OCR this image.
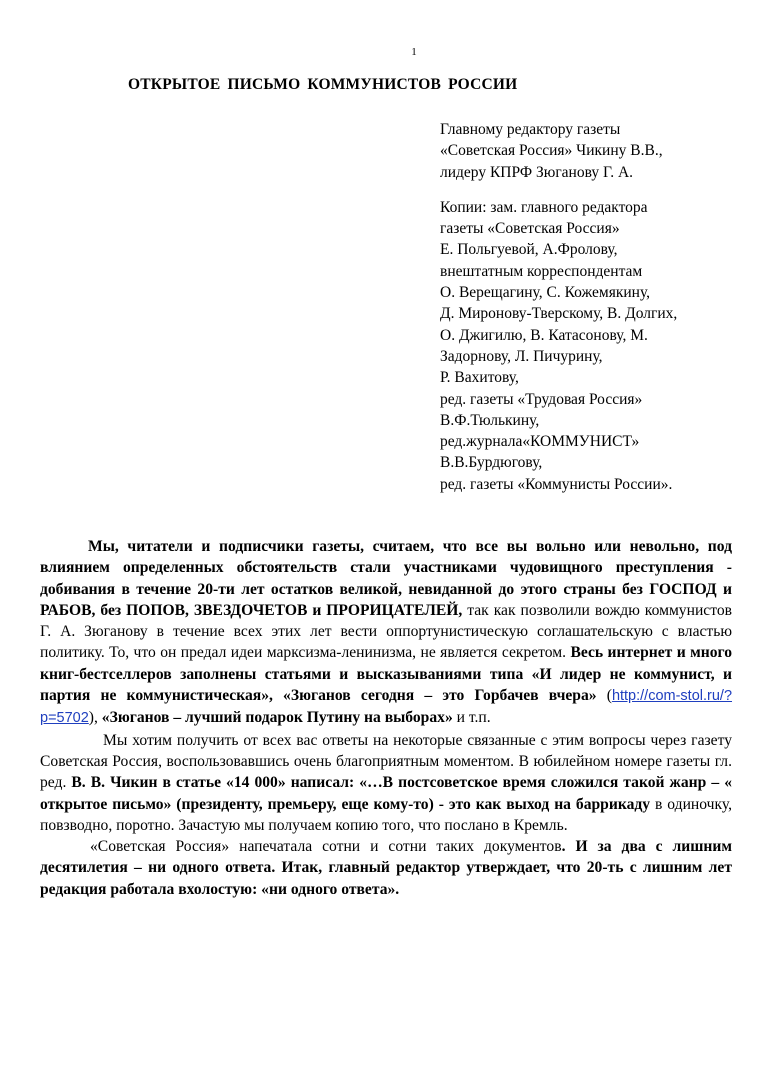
1
ОТКРЫТОЕ ПИСЬМО КОММУНИСТОВ РОССИИ
Главному редактору газеты
«Советская Россия» Чикину В.В.,
лидеру КПРФ Зюганову Г. А.
Копии: зам. главного редактора
газеты «Советская Россия»
Е. Польгуевой, А.Фролову,
внештатным корреспондентам
О. Верещагину, С. Кожемякину,
Д. Миронову-Тверскому, В. Долгих,
О. Джигилю, В. Катасонову, М.
Задорнову, Л. Пичурину,
Р. Вахитову,
ред. газеты «Трудовая Россия»
В.Ф.Тюлькину,
ред.журнала«КОММУНИСТ»
В.В.Бурдюгову,
ред. газеты «Коммунисты России».

Мы, читатели и подписчики газеты, считаем, что все вы вольно или невольно, под влиянием определенных обстоятельств стали участниками чудовищного преступления - добивания в течение 20-ти лет остатков великой, невиданной до этого страны без ГОСПОД и РАБОВ, без ПОПОВ, ЗВЕЗДОЧЕТОВ и ПРОРИЦАТЕЛЕЙ, так как позволили вождю коммунистов Г. А. Зюганову в течение всех этих лет вести оппортунистическую соглашательскую с властью политику. То, что он предал идеи марксизма-ленинизма, не является секретом. Весь интернет и много книг-бестселлеров заполнены статьями и высказываниями типа «И лидер не коммунист, и партия не коммунистическая», «Зюганов сегодня – это Горбачев вчера» (http://com-stol.ru/?p=5702), «Зюганов – лучший подарок Путину на выборах» и т.п.

Мы хотим получить от всех вас ответы на некоторые связанные с этим вопросы через газету Советская Россия, воспользовавшись очень благоприятным моментом. В юбилейном номере газеты гл. ред. В. В. Чикин в статье «14 000» написал: «…В постсоветское время сложился такой жанр – « открытое письмо» (президенту, премьеру, еще кому-то) - это как выход на баррикаду в одиночку, повзводно, поротно. Зачастую мы получаем копию того, что послано в Кремль.

«Советская Россия» напечатала сотни и сотни таких документов. И за два с лишним десятилетия – ни одного ответа. Итак, главный редактор утверждает, что 20-ть с лишним лет редакция работала вхолостую: «ни одного ответа».
